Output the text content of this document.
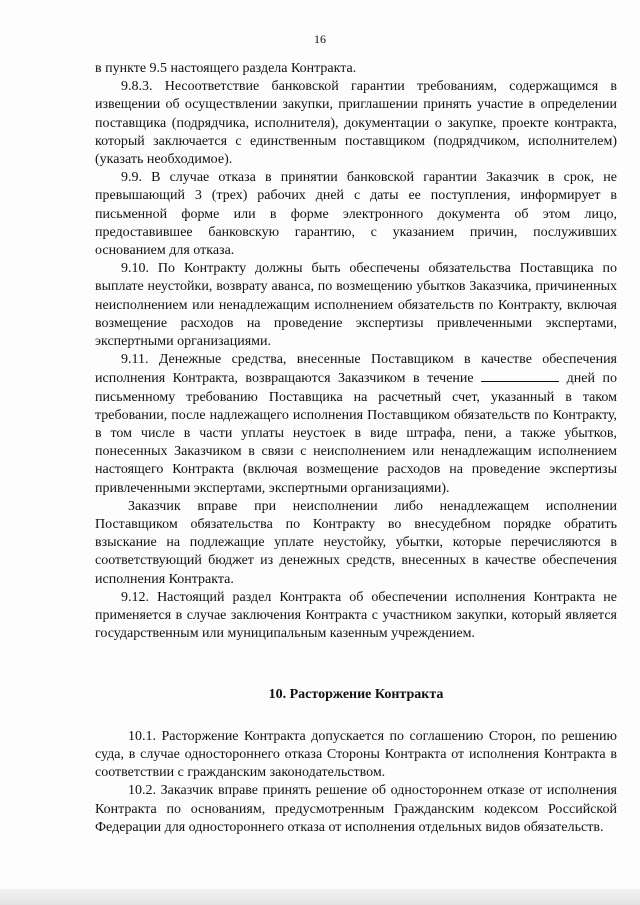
16

в пункте 9.5 настоящего раздела Контракта.

9.8.3. Несоответствие банковской гарантии требованиям, содержащимся в извещении об осуществлении закупки, приглашении принять участие в определении поставщика (подрядчика, исполнителя), документации о закупке, проекте контракта, который заключается с единственным поставщиком (подрядчиком, исполнителем) (указать необходимое).

9.9. В случае отказа в принятии банковской гарантии Заказчик в срок, не превышающий 3 (трех) рабочих дней с даты ее поступления, информирует в письменной форме или в форме электронного документа об этом лицо, предоставившее банковскую гарантию, с указанием причин, послуживших основанием для отказа.

9.10. По Контракту должны быть обеспечены обязательства Поставщика по выплате неустойки, возврату аванса, по возмещению убытков Заказчика, причиненных неисполнением или ненадлежащим исполнением обязательств по Контракту, включая возмещение расходов на проведение экспертизы привлеченными экспертами, экспертными организациями.

9.11. Денежные средства, внесенные Поставщиком в качестве обеспечения исполнения Контракта, возвращаются Заказчиком в течение	дней по письменному требованию Поставщика на расчетный счет, указанный в таком требовании, после надлежащего исполнения Поставщиком обязательств по Контракту, в том числе в части уплаты неустоек в виде штрафа, пени, а также убытков, понесенных Заказчиком в связи с неисполнением или ненадлежащим исполнением настоящего Контракта (включая возмещение расходов на проведение экспертизы привлеченными экспертами, экспертными организациями).

Заказчик вправе при неисполнении либо ненадлежащем исполнении Поставщиком обязательства по Контракту во внесудебном порядке обратить взыскание на подлежащие уплате неустойку, убытки, которые перечисляются в соответствующий бюджет из денежных средств, внесенных в качестве обеспечения исполнения Контракта.

9.12. Настоящий раздел Контракта об обеспечении исполнения Контракта не применяется в случае заключения Контракта с участником закупки, который является государственным или муниципальным казенным учреждением.

10. Расторжение Контракта

10.1. Расторжение Контракта допускается по соглашению Сторон, по решению суда, в случае одностороннего отказа Стороны Контракта от исполнения Контракта в соответствии с гражданским законодательством.

10.2. Заказчик вправе принять решение об одностороннем отказе от исполнения Контракта по основаниям, предусмотренным Гражданским кодексом Российской Федерации для одностороннего отказа от исполнения отдельных видов обязательств.
